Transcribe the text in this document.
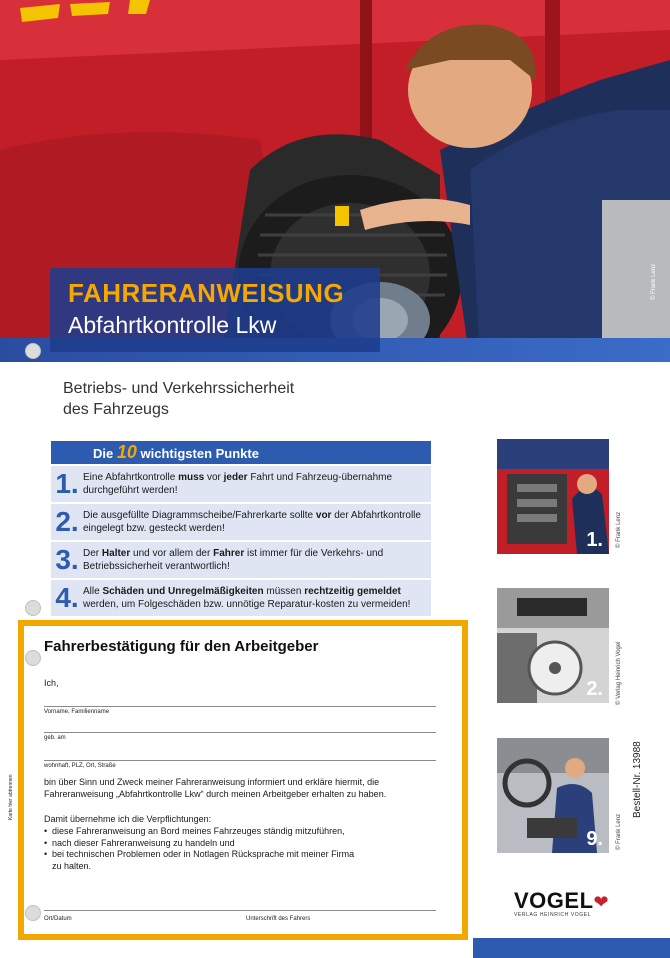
© Frank Lenz
FAHRERANWEISUNG
Abfahrtkontrolle Lkw
Betriebs- und Verkehrssicherheit
des Fahrzeugs
Die 10 wichtigsten Punkte
1. Eine Abfahrtkontrolle muss vor jeder Fahrt und Fahrzeug-übernahme durchgeführt werden!
2. Die ausgefüllte Diagrammscheibe/Fahrerkarte sollte vor der Abfahrtkontrolle eingelegt bzw. gesteckt werden!
3. Der Halter und vor allem der Fahrer ist immer für die Verkehrs- und Betriebssicherheit verantwortlich!
4. Alle Schäden und Unregelmäßigkeiten müssen rechtzeitig gemeldet werden, um Folgeschäden bzw. unnötige Reparatur-kosten zu vermeiden!
1. © Frank Lenz
2. © Verlag Heinrich Vogel
9. © Frank Lenz
Bestell-Nr. 13988
Fahrerbestätigung für den Arbeitgeber
Ich,
Vorname, Familienname
geb. am
wohnhaft, PLZ, Ort, Straße
bin über Sinn und Zweck meiner Fahreranweisung informiert und erkläre hiermit, die Fahreranweisung „Abfahrtkontrolle Lkw“ durch meinen Arbeitgeber erhalten zu haben.
Damit übernehme ich die Verpflichtungen:
• diese Fahreranweisung an Bord meines Fahrzeuges ständig mitzuführen,
• nach dieser Fahreranweisung zu handeln und
• bei technischen Problemen oder in Notlagen Rücksprache mit meiner Firma
zu halten.
Ort/Datum	Unterschrift des Fahrers
Karte hier abtrennen
VOGEL❤
VERLAG HEINRICH VOGEL
